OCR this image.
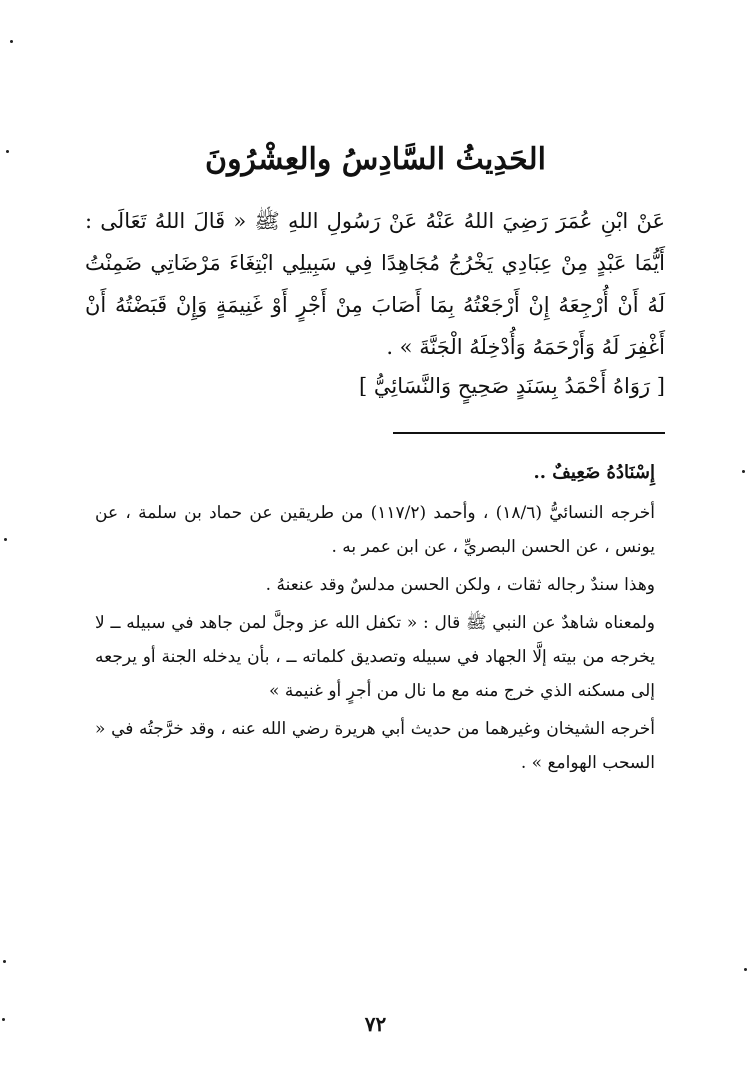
الحَدِيثُ السَّادِسُ والعِشْرُونَ

عَنْ ابْنِ عُمَرَ رَضِيَ اللهُ عَنْهُ عَنْ رَسُولِ اللهِ ﷺ « قَالَ اللهُ تَعَالَى : أَيُّمَا عَبْدٍ مِنْ عِبَادِي يَخْرُجُ مُجَاهِدًا فِي سَبِيلِي ابْتِغَاءَ مَرْضَاتِي ضَمِنْتُ لَهُ أَنْ أُرْجِعَهُ إِنْ أَرْجَعْتُهُ بِمَا أَصَابَ مِنْ أَجْرٍ أَوْ غَنِيمَةٍ وَإِنْ قَبَضْتُهُ أَنْ أَغْفِرَ لَهُ وَأَرْحَمَهُ وَأُدْخِلَهُ الْجَنَّةَ » .

[ رَوَاهُ أَحْمَدُ بِسَنَدٍ صَحِيحٍ وَالنَّسَائِيُّ ]

إِسْنَادُهُ ضَعِيفٌ ..

أخرجه النسائيُّ (١٨/٦) ، وأحمد (١١٧/٢) من طريقين عن حماد بن سلمة ، عن يونس ، عن الحسن البصريِّ ، عن ابن عمر به .

وهذا سندٌ رجاله ثقات ، ولكن الحسن مدلسٌ وقد عنعنهُ .

ولمعناه شاهدٌ عن النبي ﷺ قال : « تكفل الله عز وجلَّ لمن جاهد في سبيله ــ لا يخرجه من بيته إلَّا الجهاد في سبيله وتصديق كلماته ــ ، بأن يدخله الجنة أو يرجعه إلى مسكنه الذي خرج منه مع ما نال من أجرٍ أو غنيمة »

أخرجه الشيخان وغيرهما من حديث أبي هريرة رضي الله عنه ، وقد خرَّجتُه في « السحب الهوامع » .

٧٢
